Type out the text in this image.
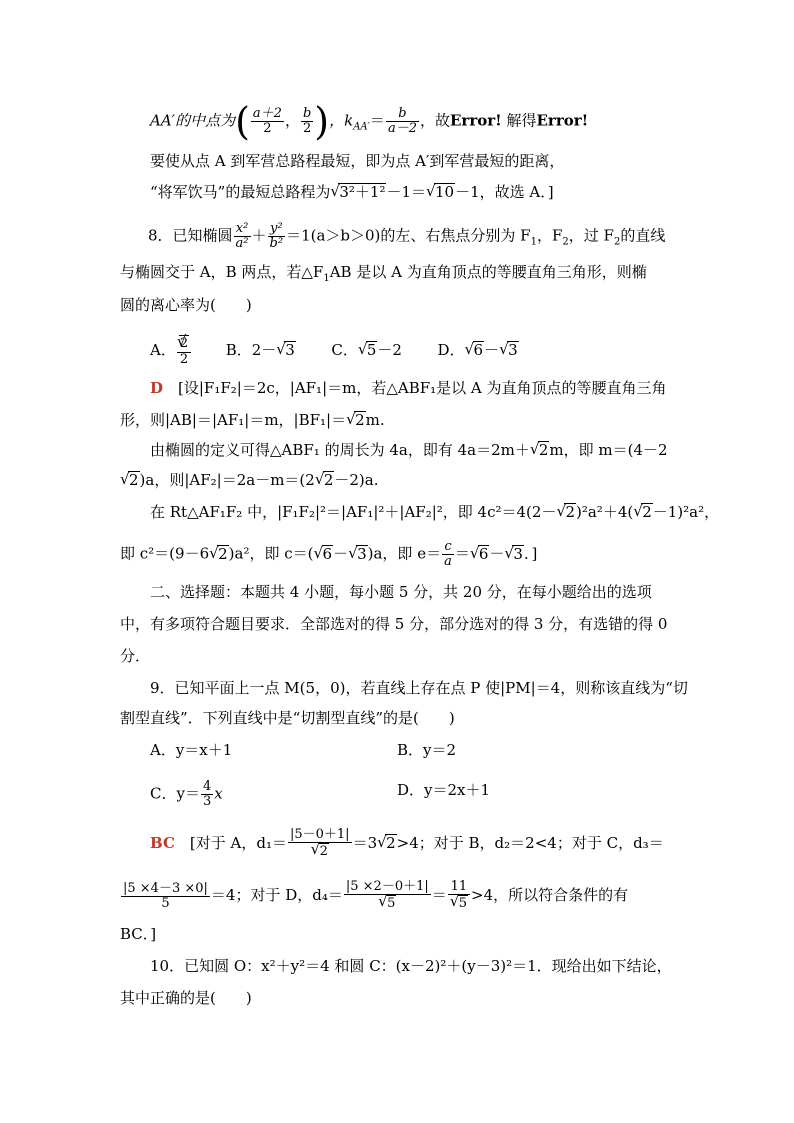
AA′的中点为( $\frac{a+2}{2}$ ， $\frac{b}{2}$ )，$k_{AA'}= \frac{b}{a-2}$ ，故Error! 解得Error!
要使从点 A 到军营总路程最短，即为点 A′到军营最短的距离，
“将军饮马”的最短总路程为 √ 3²＋1²－1＝ √ 10－1，故选 A．]
8．已知椭圆 $\frac{\text{x²}}{\text{a²}} + \frac{\text{y²}}{\text{b²}} =1(a>b>0)$的左、右焦点分别为 $F_1$，$F_2$，过 $F_2$的直线
与椭圆交于 A，B 两点，若$\triangle F_1AB$ 是以 A 为直角顶点的等腰直角三角形，则椭
圆的离心率为(　　)
A． √ $\frac{2}{2}$ B．2－ √ 3 C． √ 5－2 D． √ 6－ √ 3
D　[设|F₁F₂|＝2c，|AF₁|＝m，若△ABF₁是以 A 为直角顶点的等腰直角三角
形，则|AB|＝|AF₁|＝m，|BF₁|＝ √ 2m.
由椭圆的定义可得△ABF₁ 的周长为 4a，即有 4a＝2m＋ √ 2m，即 m＝(4－2
√ 2)a，则|AF₂|＝2a－m＝(2 √ 2－2)a.
在 Rt△AF₁F₂ 中，|F₁F₂|²＝|AF₁|²＋|AF₂|²，即 4c²＝4(2－ √ 2)²a²＋4( √ 2－1)²a²，
即 c²＝(9－6 √ 2)a²，即 c＝( √ 6－ √ 3)a，即 $e= \frac{c}{a}$ ＝ √ 6－ √ 3．]
二、选择题：本题共 4 小题，每小题 5 分，共 20 分，在每小题给出的选项
中，有多项符合题目要求．全部选对的得 5 分，部分选对的得 3 分，有选错的得 0
分．
9．已知平面上一点 M(5，0)，若直线上存在点 P 使|PM|＝4，则称该直线为“切
割型直线”．下列直线中是“切割型直线”的是(　　)
A．y＝x＋1	B．y＝2
C．$y= \frac{4}{3}$ x	D．y＝2x＋1
BC　[对于 A，d₁＝ |5－0＋1|
√ 2 ＝3 √ 2>4；对于 B，d₂＝2<4；对于 C，d₃＝
$\frac{|5 \times 4-3 \times 0|}{5} =4$；对于 D，d₄＝ |5 ×2－0＋1|
√ 5 ＝ 11
√ 5 >4，所以符合条件的有
BC．]
10．已知圆 O：x²＋y²＝4 和圆 C：(x－2)²＋(y－3)²＝1．现给出如下结论，
其中正确的是(　　)
